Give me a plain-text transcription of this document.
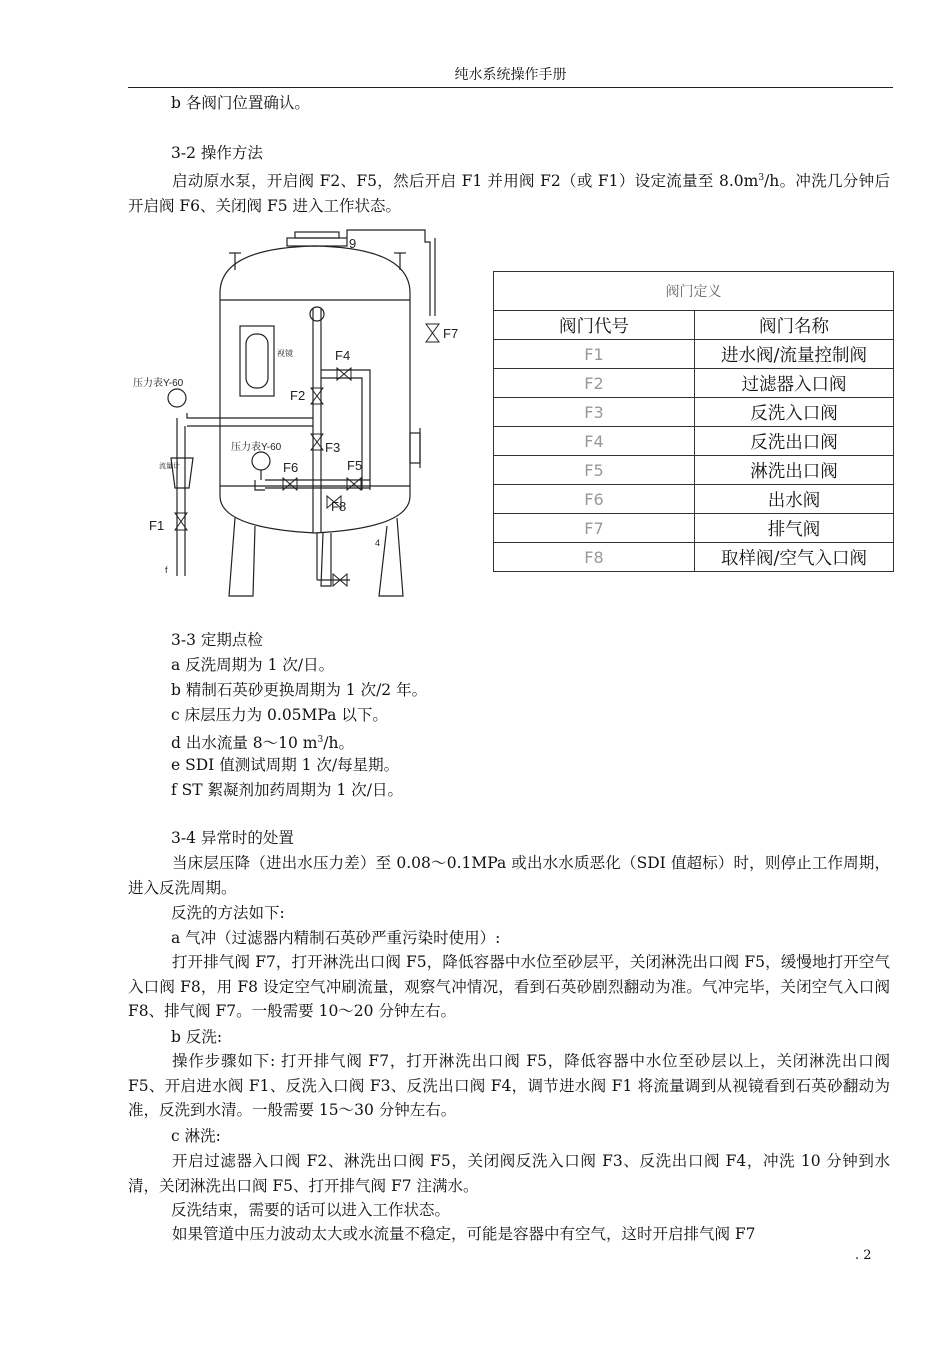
纯水系统操作手册
b 各阀门位置确认。
3-2 操作方法
启动原水泵，开启阀 F2、F5，然后开启 F1 并用阀 F2（或 F1）设定流量至 $8.0m^3/h$。冲洗几分钟后开启阀 F6、关闭阀 F5 进入工作状态。
9
F7
F4
F2
F3
F6	F5
F8
F1
压力表Y-60
压力表Y-60
视镜
流量计
f
4
阀门定义	
阀门代号	阀门名称
F1	进水阀/流量控制阀
F2	过滤器入口阀
F3	反洗入口阀
F4	反洗出口阀
F5	淋洗出口阀
F6	出水阀
F7	排气阀
F8	取样阀/空气入口阀
3-3 定期点检
a 反洗周期为 1 次/日。
b 精制石英砂更换周期为 1 次/2 年。
c 床层压力为 0.05MPa 以下。
d 出水流量 8～10 $m^3/h$。
e SDI 值测试周期 1 次/每星期。
f ST 絮凝剂加药周期为 1 次/日。
3-4 异常时的处置
当床层压降（进出水压力差）至 0.08～0.1MPa 或出水水质恶化（SDI 值超标）时，则停止工作周期，进入反洗周期。
反洗的方法如下:
a 气冲（过滤器内精制石英砂严重污染时使用）:
打开排气阀 F7，打开淋洗出口阀 F5，降低容器中水位至砂层平，关闭淋洗出口阀 F5，缓慢地打开空气入口阀 F8，用 F8 设定空气冲刷流量，观察气冲情况，看到石英砂剧烈翻动为准。气冲完毕，关闭空气入口阀 F8、排气阀 F7。一般需要 10～20 分钟左右。
b 反洗:
操作步骤如下: 打开排气阀 F7，打开淋洗出口阀 F5，降低容器中水位至砂层以上，关闭淋洗出口阀 F5、开启进水阀 F1、反洗入口阀 F3、反洗出口阀 F4，调节进水阀 F1 将流量调到从视镜看到石英砂翻动为准，反洗到水清。一般需要 15～30 分钟左右。
c 淋洗:
开启过滤器入口阀 F2、淋洗出口阀 F5，关闭阀反洗入口阀 F3、反洗出口阀 F4，冲洗 10 分钟到水清，关闭淋洗出口阀 F5、打开排气阀 F7 注满水。
反洗结束，需要的话可以进入工作状态。
如果管道中压力波动太大或水流量不稳定，可能是容器中有空气，这时开启排气阀 F7
. 2
